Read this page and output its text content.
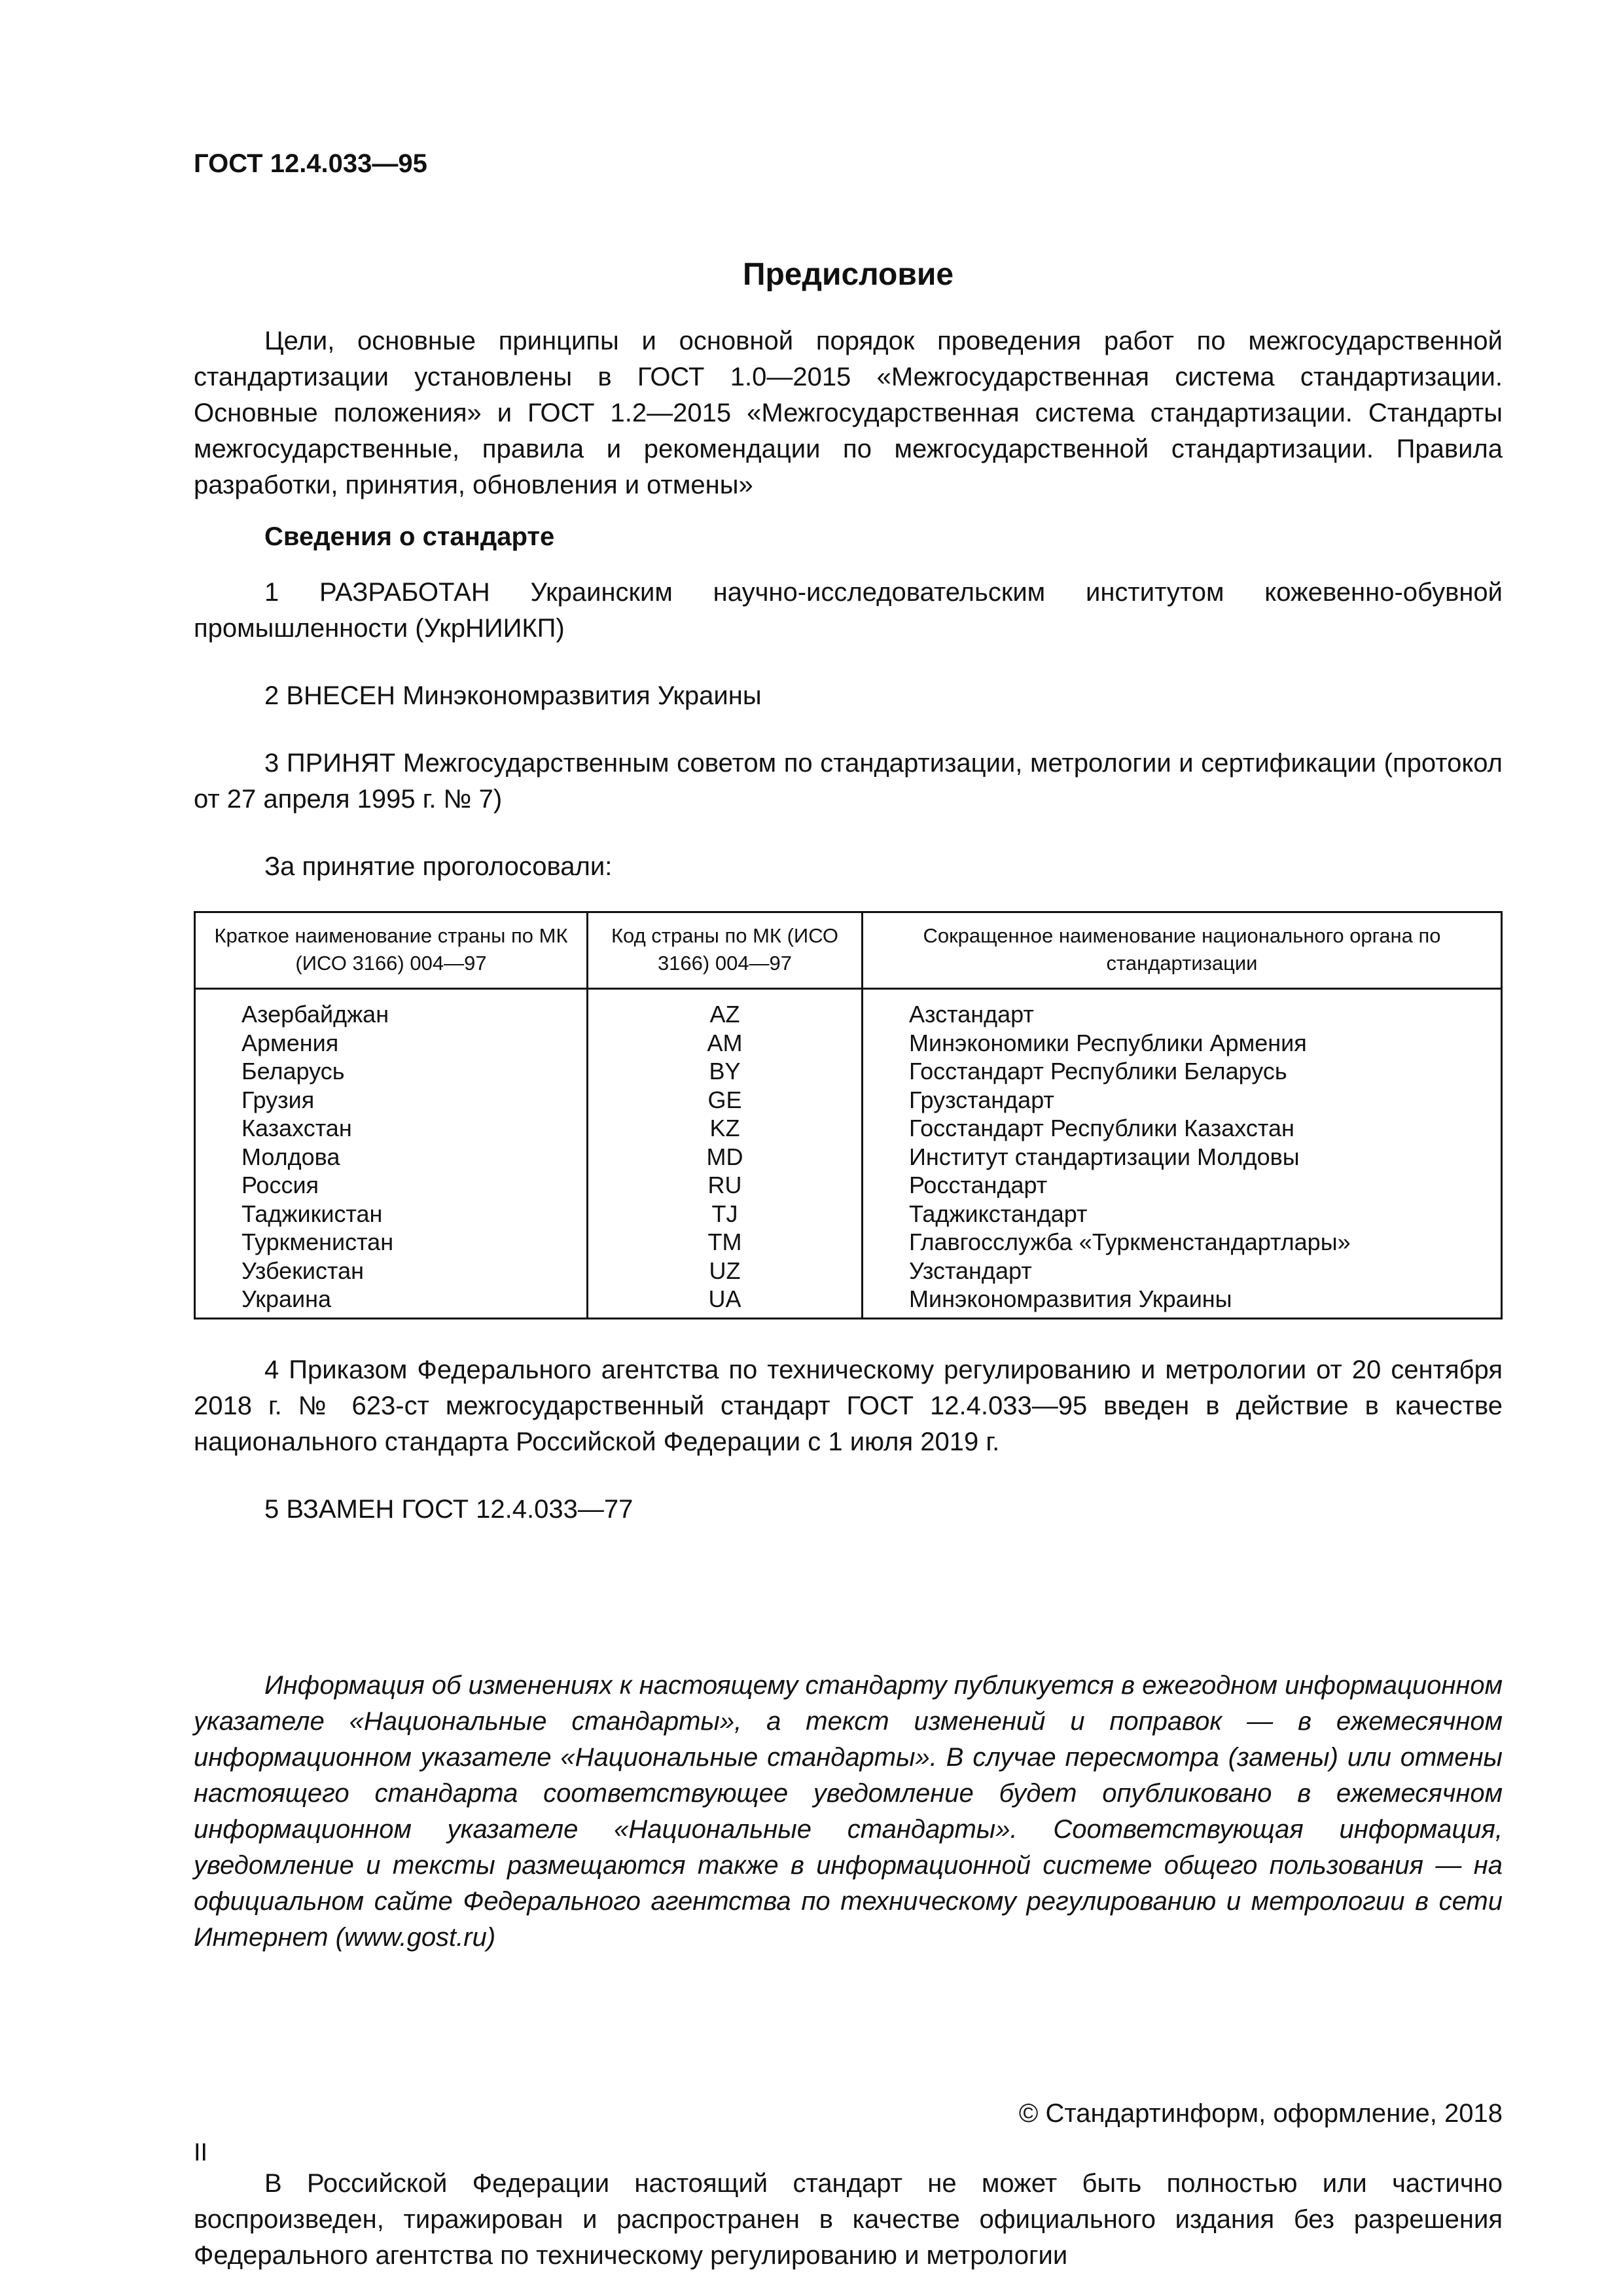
ГОСТ 12.4.033—95
Предисловие

Цели, основные принципы и основной порядок проведения работ по межгосударственной стандартизации установлены в ГОСТ 1.0—2015 «Межгосударственная система стандартизации. Основные положения» и ГОСТ 1.2—2015 «Межгосударственная система стандартизации. Стандарты межгосударственные, правила и рекомендации по межгосударственной стандартизации. Правила разработки, принятия, обновления и отмены»

Сведения о стандарте

1 РАЗРАБОТАН Украинским научно-исследовательским институтом кожевенно-обувной промышленности (УкрНИИКП)

2 ВНЕСЕН Минэкономразвития Украины

3 ПРИНЯТ Межгосударственным советом по стандартизации, метрологии и сертификации (протокол от 27 апреля 1995 г. № 7)

За принятие проголосовали:

Краткое наименование страны по МК (ИСО 3166) 004—97	Код страны по МК (ИСО 3166) 004—97	Сокращенное наименование национального органа по стандартизации
Азербайджан	AZ	Азстандарт
Армения	AM	Минэкономики Республики Армения
Беларусь	BY	Госстандарт Республики Беларусь
Грузия	GE	Грузстандарт
Казахстан	KZ	Госстандарт Республики Казахстан
Молдова	MD	Институт стандартизации Молдовы
Россия	RU	Росстандарт
Таджикистан	TJ	Таджикстандарт
Туркменистан	TM	Главгосслужба «Туркменстандартлары»
Узбекистан	UZ	Узстандарт
Украина	UA	Минэкономразвития Украины

4 Приказом Федерального агентства по техническому регулированию и метрологии от 20 сентября 2018 г. № 623-ст межгосударственный стандарт ГОСТ 12.4.033—95 введен в действие в качестве национального стандарта Российской Федерации с 1 июля 2019 г.

5 ВЗАМЕН ГОСТ 12.4.033—77

Информация об изменениях к настоящему стандарту публикуется в ежегодном информационном указателе «Национальные стандарты», а текст изменений и поправок — в ежемесячном информационном указателе «Национальные стандарты». В случае пересмотра (замены) или отмены настоящего стандарта соответствующее уведомление будет опубликовано в ежемесячном информационном указателе «Национальные стандарты». Соответствующая информация, уведомление и тексты размещаются также в информационной системе общего пользования — на официальном сайте Федерального агентства по техническому регулированию и метрологии в сети Интернет (www.gost.ru)

© Стандартинформ, оформление, 2018

В Российской Федерации настоящий стандарт не может быть полностью или частично воспроизведен, тиражирован и распространен в качестве официального издания без разрешения Федерального агентства по техническому регулированию и метрологии

II
